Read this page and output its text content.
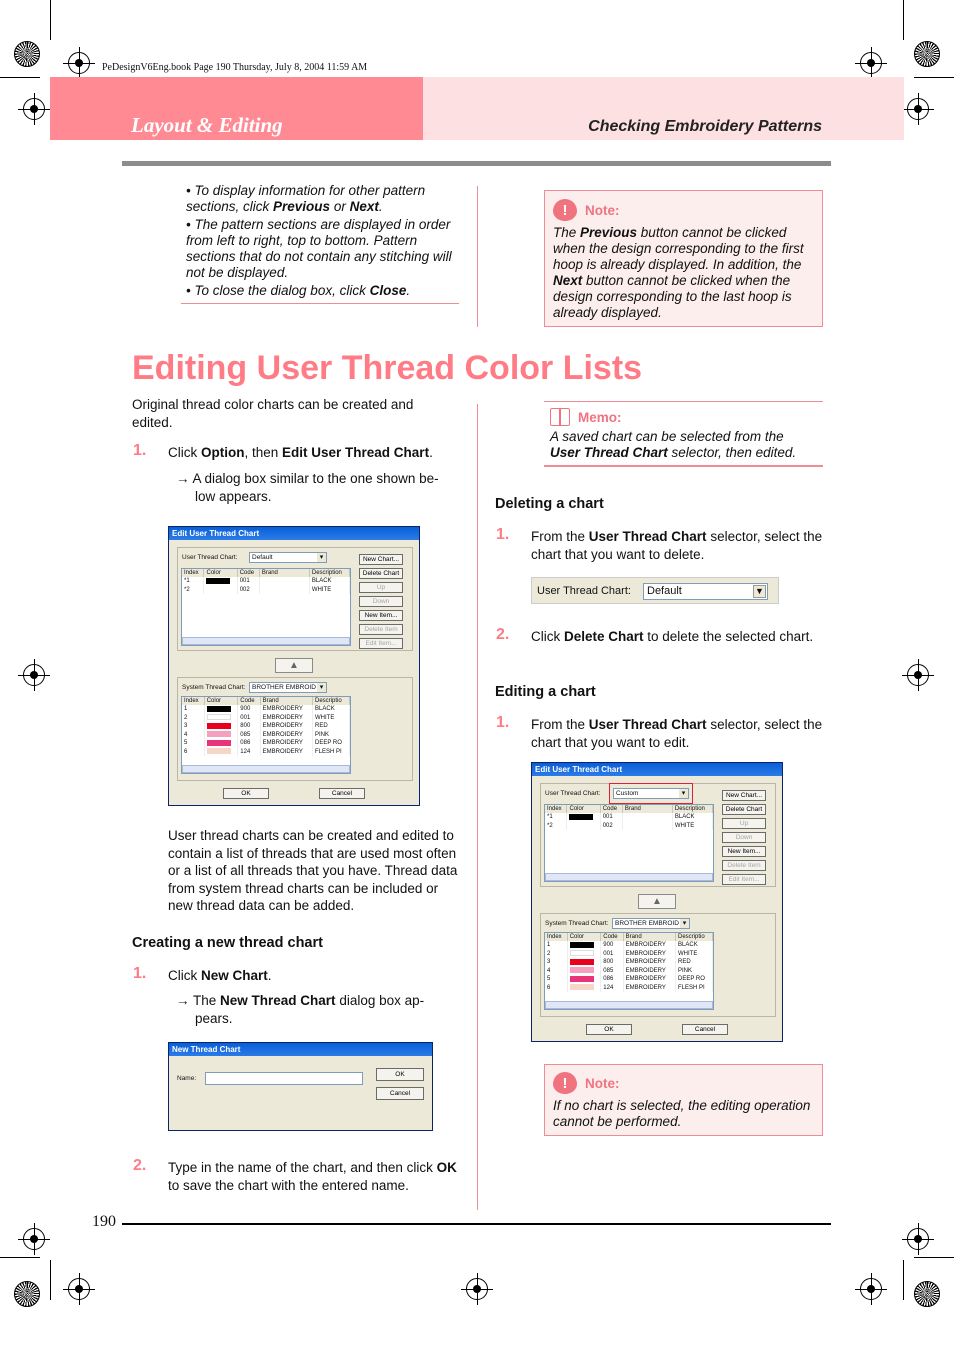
PeDesignV6Eng.book Page 190 Thursday, July 8, 2004 11:59 AM
Layout & Editing	Checking Embroidery Patterns

• To display information for other pattern sections, click Previous or Next.

• The pattern sections are displayed in order from left to right, top to bottom. Pattern sections that do not contain any stitching will not be displayed.

• To close the dialog box, click Close.

!	Note:

The Previous button cannot be clicked when the design corresponding to the first hoop is already displayed. In addition, the Next button cannot be clicked when the design corresponding to the last hoop is already displayed.

Editing User Thread Color Lists

Original thread color charts can be created and edited.

1. Click Option, then Edit User Thread Chart.

→ A dialog box similar to the one shown be- low appears.

Edit User Thread Chart
User Thread Chart:	Default ▾
Index	Color	Code	Brand	Description
*1		001		BLACK
*2		002		WHITE
New Chart...
Delete Chart
Up
Down
New Item...
Delete Item
Edit Item...
▲
System Thread Chart:	BROTHER EMBROID ▾
Index	Color	Code	Brand	Descriptio
1		900	EMBROIDERY	BLACK
2		001	EMBROIDERY	WHITE
3		800	EMBROIDERY	RED
4		085	EMBROIDERY	PINK
5		086	EMBROIDERY	DEEP RO
6		124	EMBROIDERY	FLESH PI
OK	Cancel

User thread charts can be created and edited to contain a list of threads that are used most often or a list of all threads that you have. Thread data from system thread charts can be included or new thread data can be added.

Creating a new thread chart
1. Click New Chart.

→ The New Thread Chart dialog box ap- pears.

New Thread Chart
Name:
OK
Cancel
2. Type in the name of the chart, and then click OK to save the chart with the entered name.

Memo:

A saved chart can be selected from the User Thread Chart selector, then edited.

Deleting a chart
1. From the User Thread Chart selector, select the chart that you want to delete.

User Thread Chart:	Default	▼
2. Click Delete Chart to delete the selected chart.

Editing a chart
1. From the User Thread Chart selector, select the chart that you want to edit.

Edit User Thread Chart
User Thread Chart:	Custom ▾
Index	Color	Code	Brand	Description
*1		001		BLACK
*2		002		WHITE
New Chart...
Delete Chart
Up
Down
New Item...
Delete Item
Edit Item...
▲
System Thread Chart:	BROTHER EMBROID ▾
Index	Color	Code	Brand	Descriptio
1		900	EMBROIDERY	BLACK
2		001	EMBROIDERY	WHITE
3		800	EMBROIDERY	RED
4		085	EMBROIDERY	PINK
5		086	EMBROIDERY	DEEP RO
6		124	EMBROIDERY	FLESH PI
OK	Cancel
!	Note:

If no chart is selected, the editing operation cannot be performed.

190
